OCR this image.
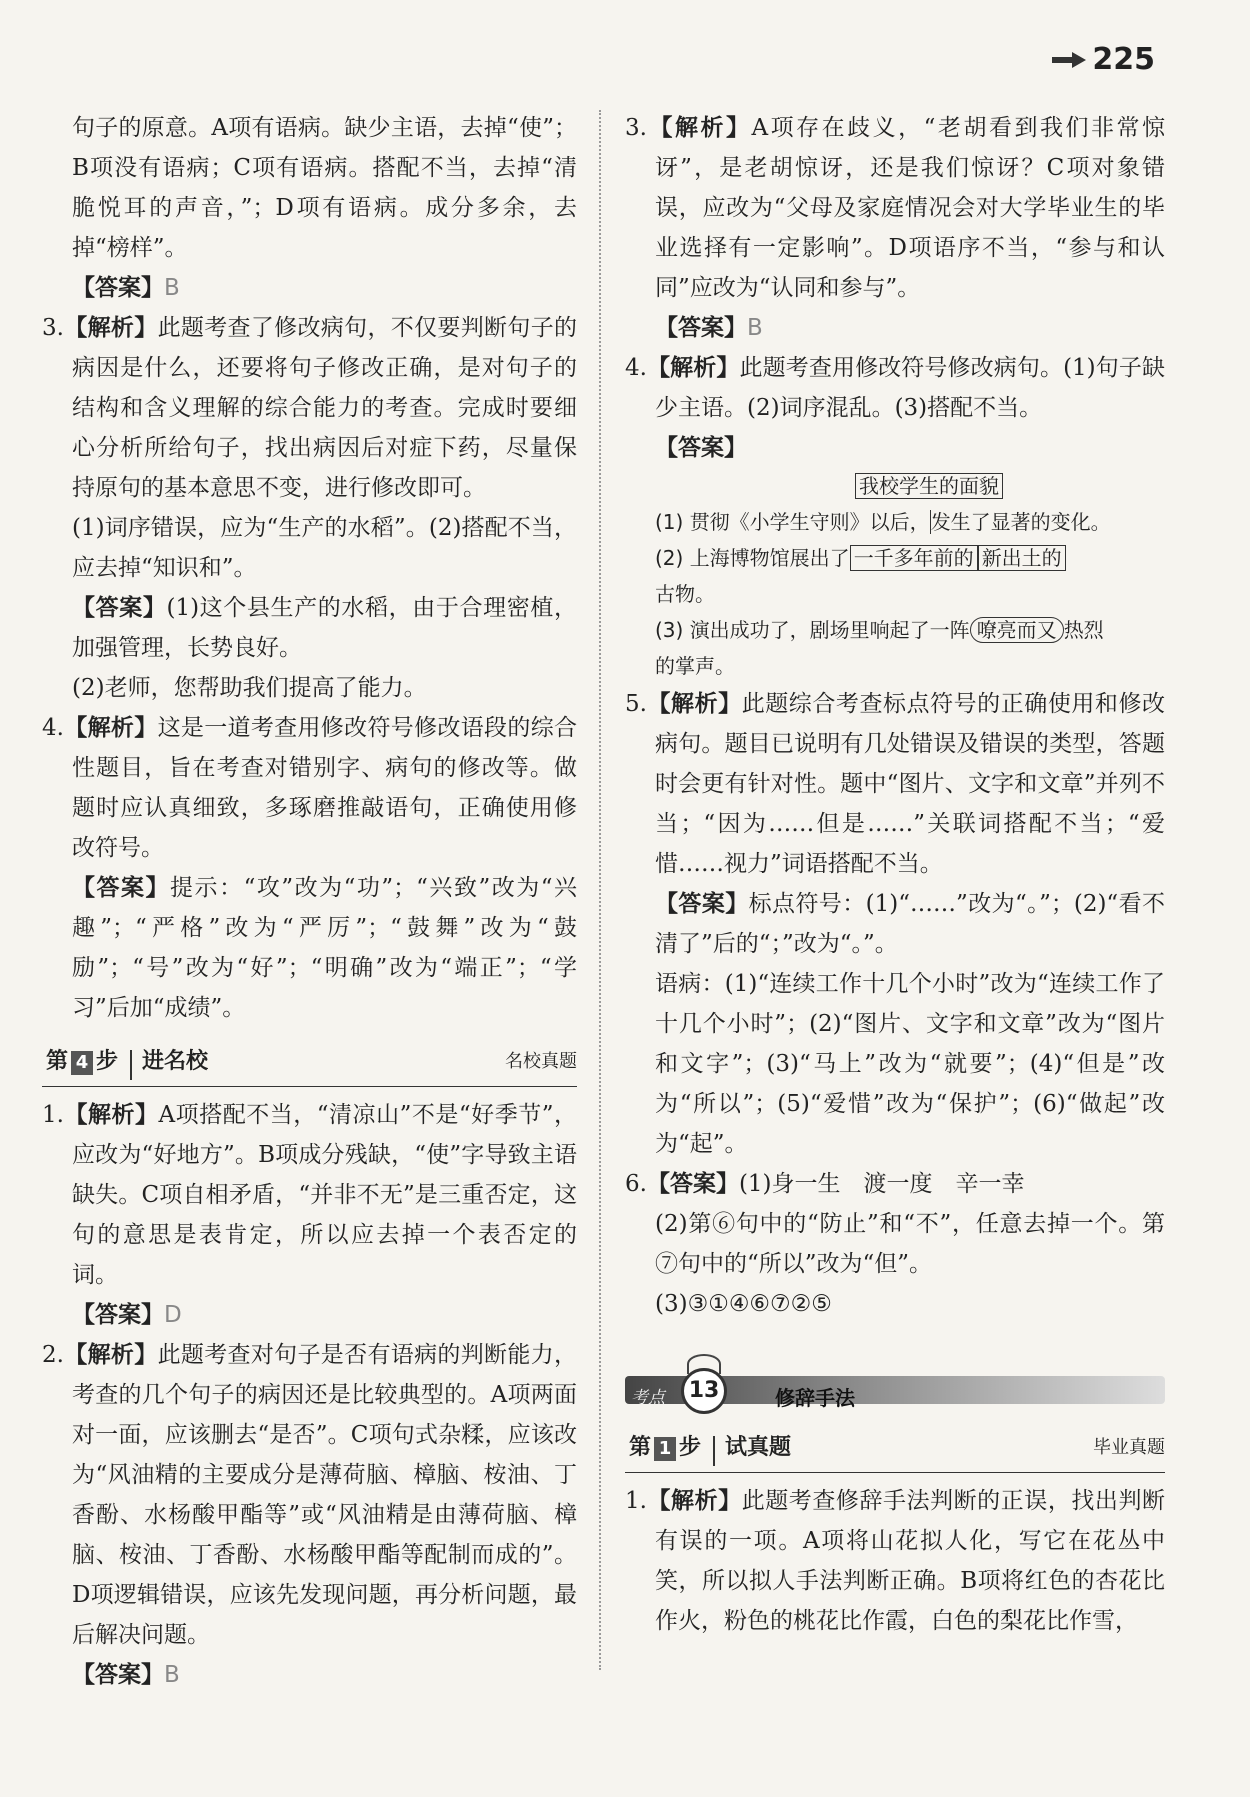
225

句子的原意。A项有语病。缺少主语，去掉“使”；B项没有语病；C项有语病。搭配不当，去掉“清脆悦耳的声音，”；D项有语病。成分多余，去掉“榜样”。

【答案】B

3.【解析】此题考查了修改病句，不仅要判断句子的病因是什么，还要将句子修改正确，是对句子的结构和含义理解的综合能力的考查。完成时要细心分析所给句子，找出病因后对症下药，尽量保持原句的基本意思不变，进行修改即可。

(1)词序错误，应为“生产的水稻”。(2)搭配不当，应去掉“知识和”。

【答案】(1)这个县生产的水稻，由于合理密植，加强管理，长势良好。

(2)老师，您帮助我们提高了能力。

4.【解析】这是一道考查用修改符号修改语段的综合性题目，旨在考查对错别字、病句的修改等。做题时应认真细致，多琢磨推敲语句，正确使用修改符号。

【答案】提示：“攻”改为“功”；“兴致”改为“兴趣”；“严格”改为“严厉”；“鼓舞”改为“鼓励”；“号”改为“好”；“明确”改为“端正”；“学习”后加“成绩”。

第 4 步 进名校	名校真题

1.【解析】A项搭配不当，“清凉山”不是“好季节”，应改为“好地方”。B项成分残缺，“使”字导致主语缺失。C项自相矛盾，“并非不无”是三重否定，这句的意思是表肯定，所以应去掉一个表否定的词。

【答案】D

2.【解析】此题考查对句子是否有语病的判断能力，考查的几个句子的病因还是比较典型的。A项两面对一面，应该删去“是否”。C项句式杂糅，应该改为“风油精的主要成分是薄荷脑、樟脑、桉油、丁香酚、水杨酸甲酯等”或“风油精是由薄荷脑、樟脑、桉油、丁香酚、水杨酸甲酯等配制而成的”。D项逻辑错误，应该先发现问题，再分析问题，最后解决问题。

【答案】B

3.【解析】A项存在歧义，“老胡看到我们非常惊讶”，是老胡惊讶，还是我们惊讶？C项对象错误，应改为“父母及家庭情况会对大学毕业生的毕业选择有一定影响”。D项语序不当，“参与和认同”应改为“认同和参与”。

【答案】B

4.【解析】此题考查用修改符号修改病句。(1)句子缺少主语。(2)词序混乱。(3)搭配不当。

【答案】

我校学生的面貌
(1) 贯彻《小学生守则》以后，发生了显著的变化。
(2) 上海博物馆展出了 一千多年前的 新出土的
古物。
(3) 演出成功了，剧场里响起了一阵 嘹亮而又 热烈
的掌声。

5.【解析】此题综合考查标点符号的正确使用和修改病句。题目已说明有几处错误及错误的类型，答题时会更有针对性。题中“图片、文字和文章”并列不当；“因为……但是……”关联词搭配不当；“爱惜……视力”词语搭配不当。

【答案】标点符号：(1)“……”改为“。”；(2)“看不清了”后的“；”改为“。”。

语病：(1)“连续工作十几个小时”改为“连续工作了十几个小时”；(2)“图片、文字和文章”改为“图片和文字”；(3)“马上”改为“就要”；(4)“但是”改为“所以”；(5)“爱惜”改为“保护”；(6)“做起”改为“起”。

6.【答案】(1)身一生　渡一度　辛一幸

(2)第⑥句中的“防止”和“不”，任意去掉一个。第⑦句中的“所以”改为“但”。

(3)③①④⑥⑦②⑤

考点	13	修辞手法
第 1 步 试真题	毕业真题

1.【解析】此题考查修辞手法判断的正误，找出判断有误的一项。A项将山花拟人化，写它在花丛中笑，所以拟人手法判断正确。B项将红色的杏花比作火，粉色的桃花比作霞，白色的梨花比作雪，
